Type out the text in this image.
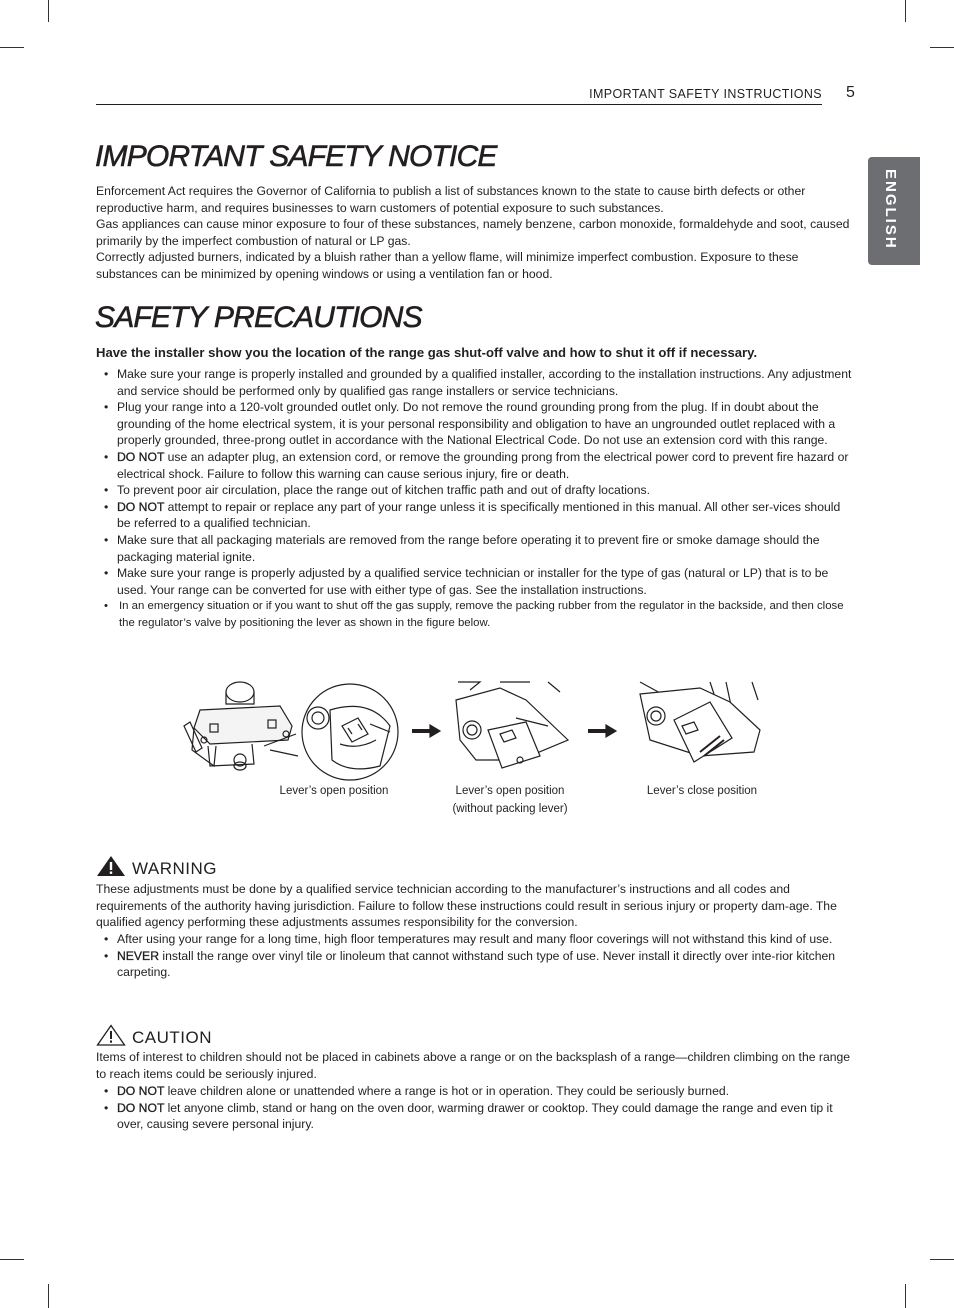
IMPORTANT SAFETY INSTRUCTIONS 5
ENGLISH
IMPORTANT SAFETY NOTICE
Enforcement Act requires the Governor of California to publish a list of substances known to the state to cause birth defects or other reproductive harm, and requires businesses to warn customers of potential exposure to such substances.
Gas appliances can cause minor exposure to four of these substances, namely benzene, carbon monoxide, formaldehyde and soot, caused primarily by the imperfect combustion of natural or LP gas.
Correctly adjusted burners, indicated by a bluish rather than a yellow flame, will minimize imperfect combustion. Exposure to these substances can be minimized by opening windows or using a ventilation fan or hood.
SAFETY PRECAUTIONS

Have the installer show you the location of the range gas shut-off valve and how to shut it off if necessary.

• Make sure your range is properly installed and grounded by a qualified installer, according to the installation instructions. Any adjustment and service should be performed only by qualified gas range installers or service technicians.
• Plug your range into a 120-volt grounded outlet only. Do not remove the round grounding prong from the plug. If in doubt about the grounding of the home electrical system, it is your personal responsibility and obligation to have an ungrounded outlet replaced with a properly grounded, three-prong outlet in accordance with the National Electrical Code. Do not use an extension cord with this range.
• DO NOT use an adapter plug, an extension cord, or remove the grounding prong from the electrical power cord to prevent fire hazard or electrical shock. Failure to follow this warning can cause serious injury, fire or death.
• To prevent poor air circulation, place the range out of kitchen traffic path and out of drafty locations.
• DO NOT attempt to repair or replace any part of your range unless it is specifically mentioned in this manual. All other ser-vices should be referred to a qualified technician.
• Make sure that all packaging materials are removed from the range before operating it to prevent fire or smoke damage should the packaging material ignite.
• Make sure your range is properly adjusted by a qualified service technician or installer for the type of gas (natural or LP) that is to be used. Your range can be converted for use with either type of gas. See the installation instructions.
• In an emergency situation or if you want to shut off the gas supply, remove the packing rubber from the regulator in the backside, and then close the regulator’s valve by positioning the lever as shown in the figure below.
Lever’s open position	Lever’s open position
(without packing lever)
Lever’s close position
WARNING
These adjustments must be done by a qualified service technician according to the manufacturer’s instructions and all codes and requirements of the authority having jurisdiction. Failure to follow these instructions could result in serious injury or property dam-age. The qualified agency performing these adjustments assumes responsibility for the conversion.
• After using your range for a long time, high floor temperatures may result and many floor coverings will not withstand this kind of use.
• NEVER install the range over vinyl tile or linoleum that cannot withstand such type of use. Never install it directly over inte-rior kitchen carpeting.
CAUTION
Items of interest to children should not be placed in cabinets above a range or on the backsplash of a range—children climbing on the range to reach items could be seriously injured.
• DO NOT leave children alone or unattended where a range is hot or in operation. They could be seriously burned.
• DO NOT let anyone climb, stand or hang on the oven door, warming drawer or cooktop. They could damage the range and even tip it over, causing severe personal injury.
